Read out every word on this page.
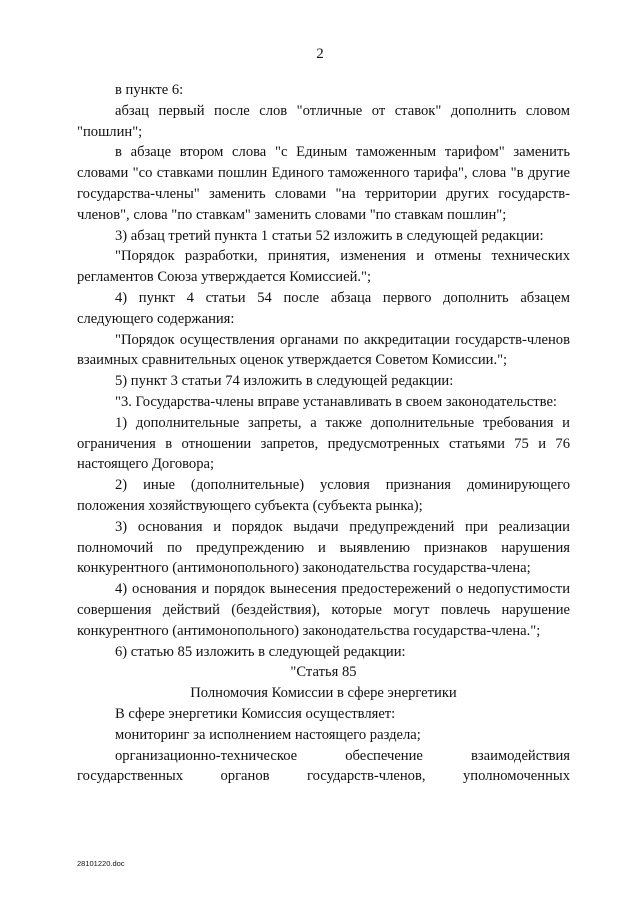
2

в пункте 6:

абзац первый после слов "отличные от ставок" дополнить словом "пошлин";

в абзаце втором слова "с Единым таможенным тарифом" заменить словами "со ставками пошлин Единого таможенного тарифа", слова "в другие государства-члены" заменить словами "на территории других государств-членов", слова "по ставкам" заменить словами "по ставкам пошлин";

3) абзац третий пункта 1 статьи 52 изложить в следующей редакции:

"Порядок разработки, принятия, изменения и отмены технических регламентов Союза утверждается Комиссией.";

4) пункт 4 статьи 54 после абзаца первого дополнить абзацем следующего содержания:

"Порядок осуществления органами по аккредитации государств-членов взаимных сравнительных оценок утверждается Советом Комиссии.";

5) пункт 3 статьи 74 изложить в следующей редакции:

"3. Государства-члены вправе устанавливать в своем законодательстве:

1) дополнительные запреты, а также дополнительные требования и ограничения в отношении запретов, предусмотренных статьями 75 и 76 настоящего Договора;

2) иные (дополнительные) условия признания доминирующего положения хозяйствующего субъекта (субъекта рынка);

3) основания и порядок выдачи предупреждений при реализации полномочий по предупреждению и выявлению признаков нарушения конкурентного (антимонопольного) законодательства государства-члена;

4) основания и порядок вынесения предостережений о недопустимости совершения действий (бездействия), которые могут повлечь нарушение конкурентного (антимонопольного) законодательства государства-члена.";

6) статью 85 изложить в следующей редакции:

"Статья 85

Полномочия Комиссии в сфере энергетики

В сфере энергетики Комиссия осуществляет:

мониторинг за исполнением настоящего раздела;

организационно-техническое обеспечение взаимодействия государственных органов государств-членов, уполномоченных

28101220.doc
